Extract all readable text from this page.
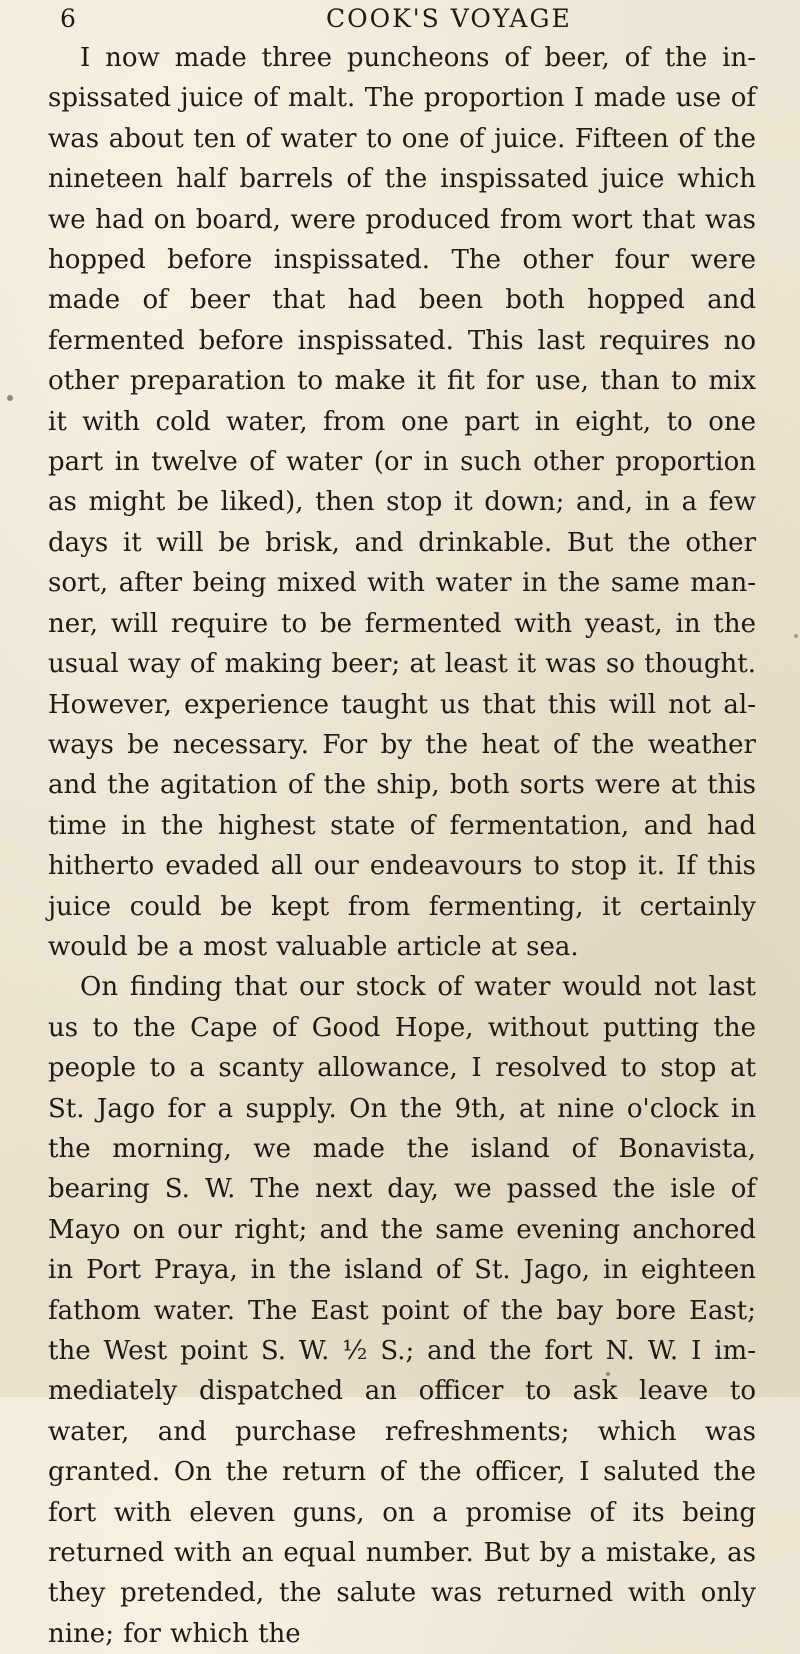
6	COOK'S VOYAGE

I now made three puncheons of beer, of the inspissated juice of malt. The proportion I made use of was about ten of water to one of juice. Fifteen of the nineteen half barrels of the inspissated juice which we had on board, were produced from wort that was hopped before inspissated. The other four were made of beer that had been both hopped and fermented before inspissated. This last requires no other preparation to make it fit for use, than to mix it with cold water, from one part in eight, to one part in twelve of water (or in such other proportion as might be liked), then stop it down; and, in a few days it will be brisk, and drinkable. But the other sort, after being mixed with water in the same manner, will require to be fermented with yeast, in the usual way of making beer; at least it was so thought. However, experience taught us that this will not always be necessary. For by the heat of the weather and the agitation of the ship, both sorts were at this time in the highest state of fermentation, and had hitherto evaded all our endeavours to stop it. If this juice could be kept from fermenting, it certainly would be a most valuable article at sea.

On finding that our stock of water would not last us to the Cape of Good Hope, without putting the people to a scanty allowance, I resolved to stop at St. Jago for a supply. On the 9th, at nine o'clock in the morning, we made the island of Bonavista, bearing S. W. The next day, we passed the isle of Mayo on our right; and the same evening anchored in Port Praya, in the island of St. Jago, in eighteen fathom water. The East point of the bay bore East; the West point S. W. ½ S.; and the fort N. W. I immediately dispatched an officer to ask leave to water, and purchase refreshments; which was granted. On the return of the officer, I saluted the fort with eleven guns, on a promise of its being returned with an equal number. But by a mistake, as they pretended, the salute was returned with only nine; for which the
